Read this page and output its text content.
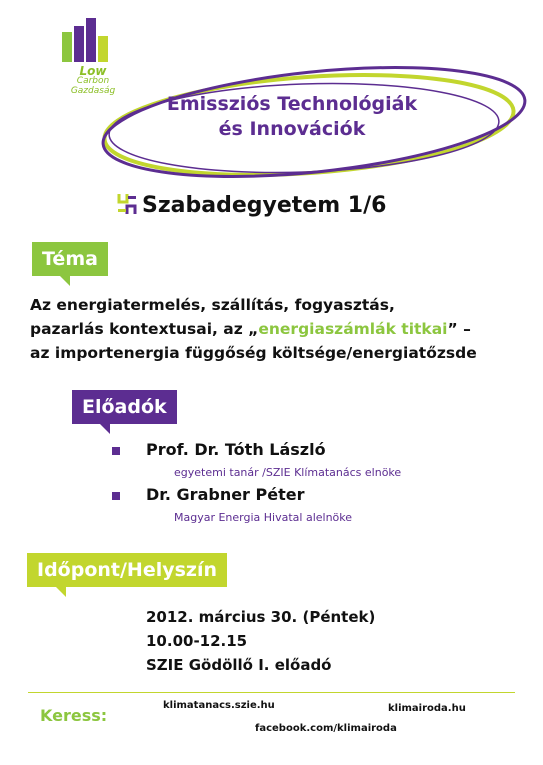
Low
Carbon
Gazdaság
Emissziós Technológiák
és Innovációk
Szabadegyetem 1/6
Téma
Az energiatermelés, szállítás, fogyasztás,
pazarlás kontextusai, az „energiaszámlák titkai” –
az importenergia függőség költsége/energiatőzsde
Előadók
Prof. Dr. Tóth László
egyetemi tanár /SZIE Klímatanács elnöke
Dr. Grabner Péter
Magyar Energia Hivatal alelnöke
Időpont/Helyszín
2012. március 30. (Péntek)
10.00-12.15
SZIE Gödöllő I. előadó
Keress:
klimatanacs.szie.hu	klimairoda.hu
facebook.com/klimairoda
